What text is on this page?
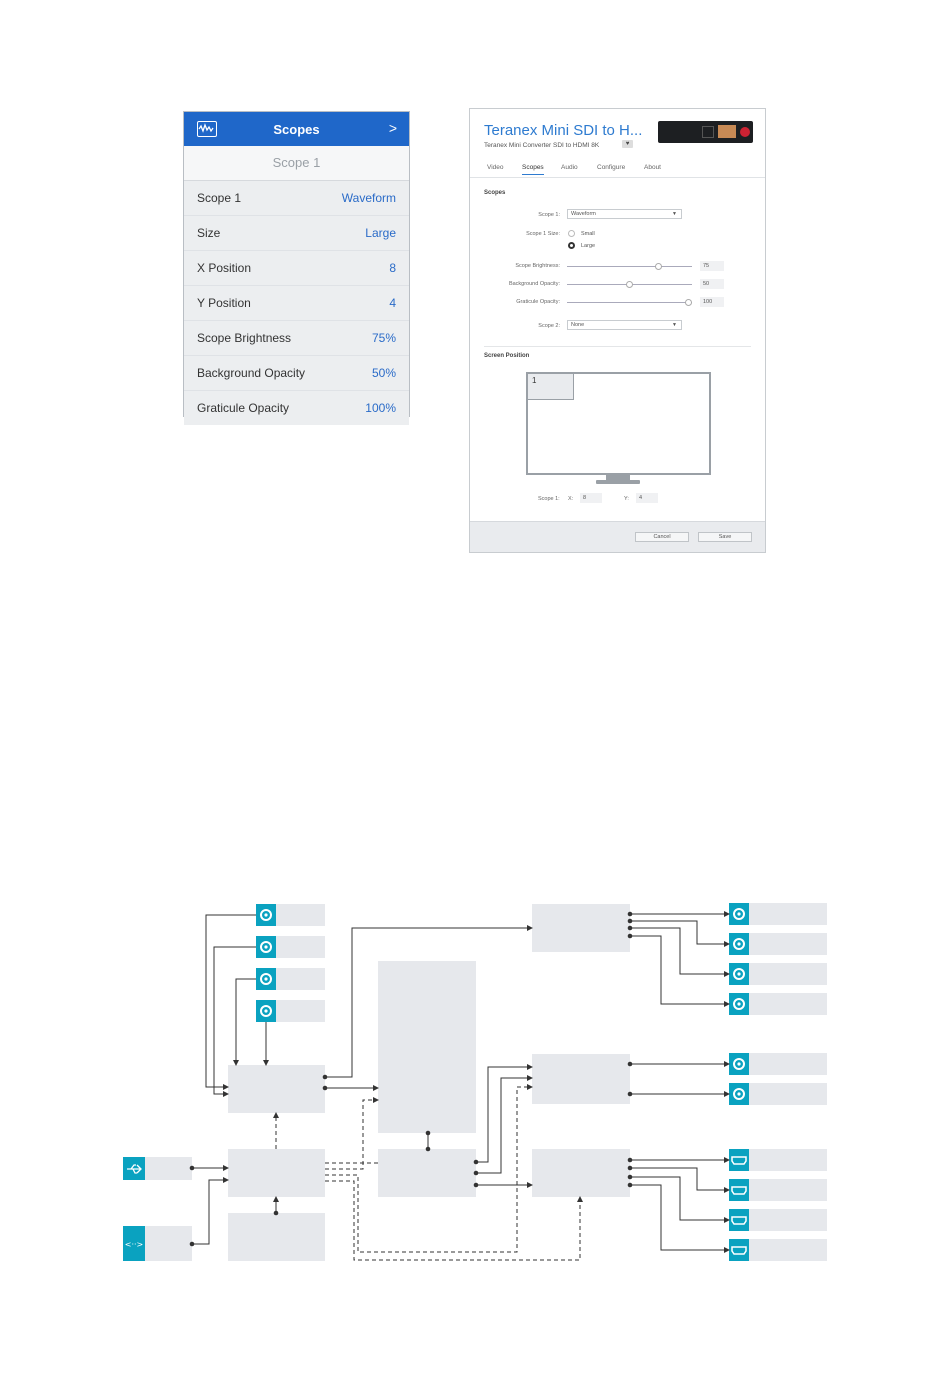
Scopes	>
Scope 1
Scope 1	Waveform
Size	Large
X Position	8
Y Position	4
Scope Brightness	75%
Background Opacity	50%
Graticule Opacity	100%
Teranex Mini SDI to H...
Teranex Mini Converter SDI to HDMI 8K	♥
Video	Scopes	Audio	Configure	About
Scopes
Scope 1:	Waveform	▼
Scope 1 Size:	Small
Large
Scope Brightness:	75
Background Opacity:	50
Graticule Opacity:	100
Scope 2:	None	▼
Screen Position
1
Scope 1: X:	8	Y:	4
Cancel	Save
<··>
